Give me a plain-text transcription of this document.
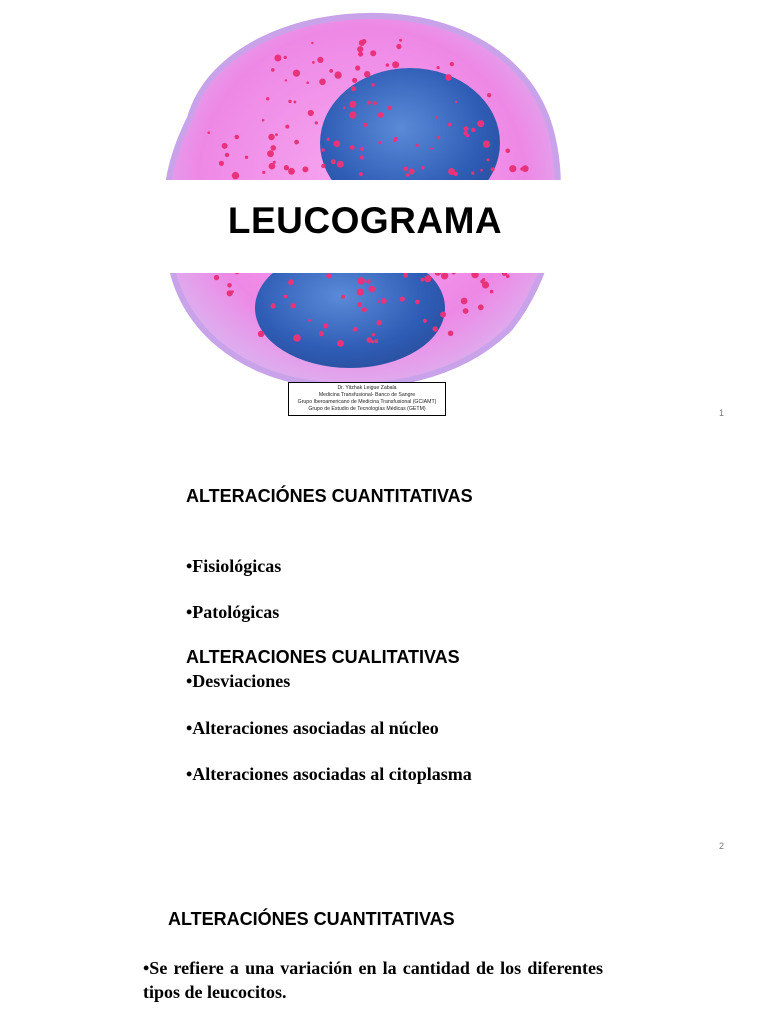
LEUCOGRAMA
Dr. Yitzhak Leigue Zabala
Medicina Transfusional- Banco de Sangre
Grupo Iberoamericano de Medicina Transfusional (GCIAMT)
Grupo de Estudio de Tecnologías Médicas (GETM)	1
ALTERACIÓNES CUANTITATIVAS
•Fisiológicas
•Patológicas
ALTERACIONES CUALITATIVAS
•Desviaciones
•Alteraciones asociadas al núcleo
•Alteraciones asociadas al citoplasma
2
ALTERACIÓNES CUANTITATIVAS
•Se refiere a una variación en la cantidad de los diferentes tipos de leucocitos.
